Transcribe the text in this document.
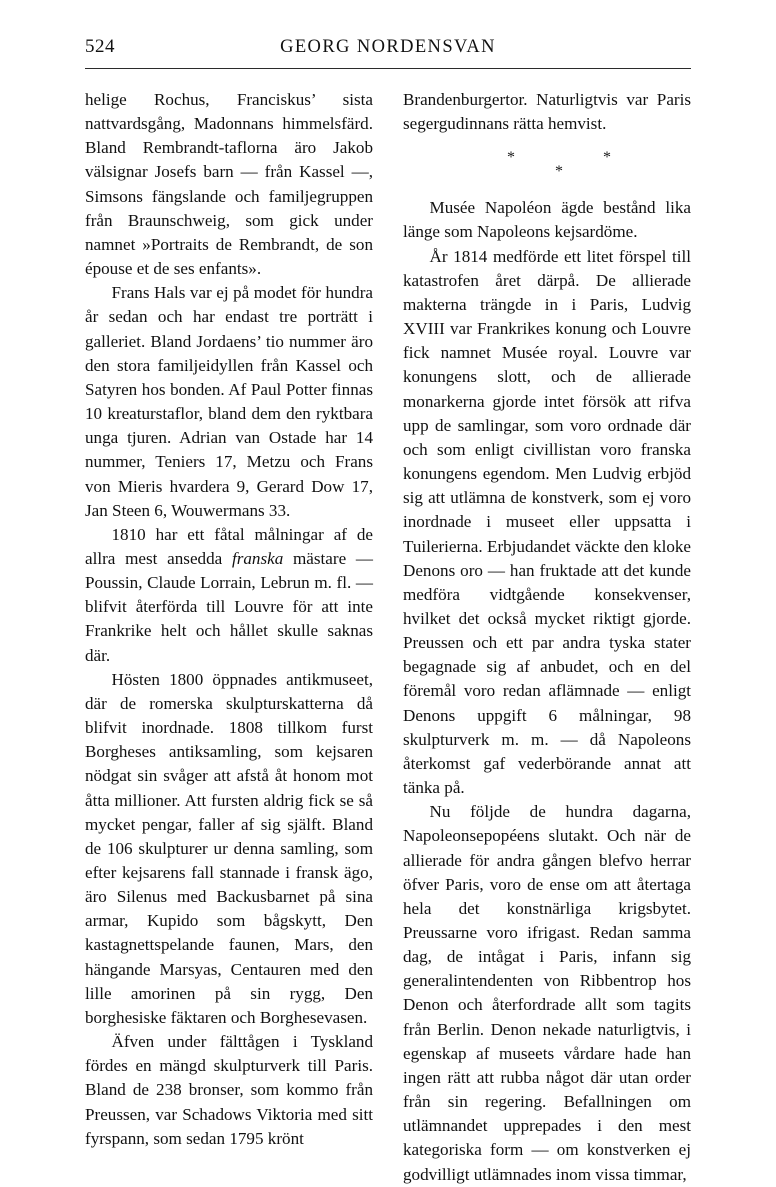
524	GEORG NORDENSVAN

helige Rochus, Franciskus’ sista nattvardsgång, Madonnans himmelsfärd. Bland Rembrandt-taflorna äro Jakob välsignar Josefs barn — från Kassel —, Simsons fängslande och familjegruppen från Braunschweig, som gick under namnet »Portraits de Rembrandt, de son épouse et de ses enfants».

Frans Hals var ej på modet för hundra år sedan och har endast tre porträtt i galleriet. Bland Jordaens’ tio nummer äro den stora familjeidyllen från Kassel och Satyren hos bonden. Af Paul Potter finnas 10 kreaturstaflor, bland dem den ryktbara unga tjuren. Adrian van Ostade har 14 nummer, Teniers 17, Metzu och Frans von Mieris hvardera 9, Gerard Dow 17, Jan Steen 6, Wouwermans 33.

1810 har ett fåtal målningar af de allra mest ansedda franska mästare — Poussin, Claude Lorrain, Lebrun m. fl. — blifvit återförda till Louvre för att inte Frankrike helt och hållet skulle saknas där.

Hösten 1800 öppnades antikmuseet, där de romerska skulpturskatterna då blifvit inordnade. 1808 tillkom furst Borgheses antiksamling, som kejsaren nödgat sin svåger att afstå åt honom mot åtta millioner. Att fursten aldrig fick se så mycket pengar, faller af sig själft. Bland de 106 skulpturer ur denna samling, som efter kejsarens fall stannade i fransk ägo, äro Silenus med Backusbarnet på sina armar, Kupido som bågskytt, Den kastagnettspelande faunen, Mars, den hängande Marsyas, Centauren med den lille amorinen på sin rygg, Den borghesiske fäktaren och Borghesevasen.

Äfven under fälttågen i Tyskland fördes en mängd skulpturverk till Paris. Bland de 238 bronser, som kommo från Preussen, var Schadows Viktoria med sitt fyrspann, som sedan 1795 krönt

Brandenburgertor. Naturligtvis var Paris segergudinnans rätta hemvist.

*	*
*

Musée Napoléon ägde bestånd lika länge som Napoleons kejsardöme.

År 1814 medförde ett litet förspel till katastrofen året därpå. De allierade makterna trängde in i Paris, Ludvig XVIII var Frankrikes konung och Louvre fick namnet Musée royal. Louvre var konungens slott, och de allierade monarkerna gjorde intet försök att rifva upp de samlingar, som voro ordnade där och som enligt civillistan voro franska konungens egendom. Men Ludvig erbjöd sig att utlämna de konstverk, som ej voro inordnade i museet eller uppsatta i Tuilerierna. Erbjudandet väckte den kloke Denons oro — han fruktade att det kunde medföra vidtgående konsekvenser, hvilket det också mycket riktigt gjorde. Preussen och ett par andra tyska stater begagnade sig af anbudet, och en del föremål voro redan aflämnade — enligt Denons uppgift 6 målningar, 98 skulpturverk m. m. — då Napoleons återkomst gaf vederbörande annat att tänka på.

Nu följde de hundra dagarna, Napoleonsepopéens slutakt. Och när de allierade för andra gången blefvo herrar öfver Paris, voro de ense om att återtaga hela det konstnärliga krigsbytet. Preussarne voro ifrigast. Redan samma dag, de intågat i Paris, infann sig generalintendenten von Ribbentrop hos Denon och återfordrade allt som tagits från Berlin. Denon nekade naturligtvis, i egenskap af museets vårdare hade han ingen rätt att rubba något där utan order från sin regering. Befallningen om utlämnandet upprepades i den mest kategoriska form — om konstverken ej godvilligt utlämnades inom vissa timmar,
